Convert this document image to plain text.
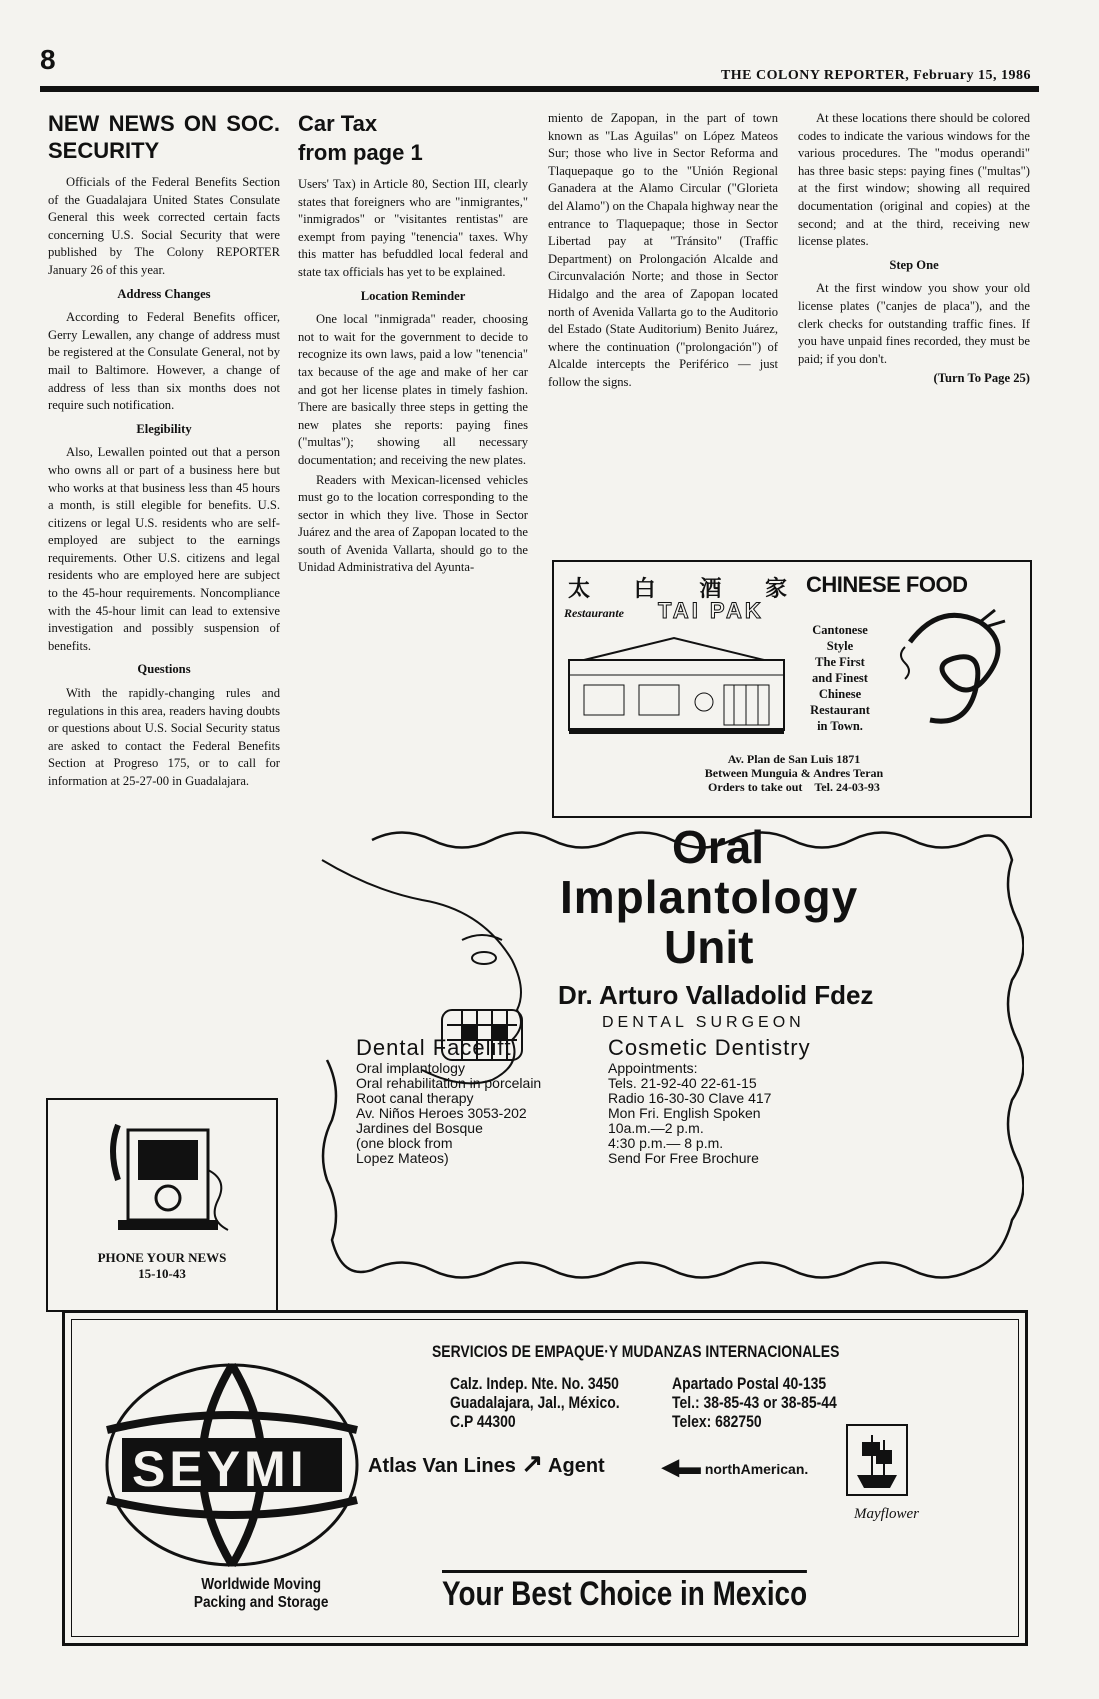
8
THE COLONY REPORTER, February 15, 1986
NEW NEWS ON SOC. SECURITY

Officials of the Federal Benefits Section of the Guadalajara United States Consulate General this week corrected certain facts concerning U.S. Social Security that were published by The Colony REPORTER January 26 of this year.

Address Changes

According to Federal Benefits officer, Gerry Lewallen, any change of address must be registered at the Consulate General, not by mail to Baltimore. However, a change of address of less than six months does not require such notification.

Elegibility

Also, Lewallen pointed out that a person who owns all or part of a business here but who works at that business less than 45 hours a month, is still elegible for benefits. U.S. citizens or legal U.S. residents who are self-employed are subject to the earnings requirements. Other U.S. citizens and legal residents who are employed here are subject to the 45-hour requirements. Noncompliance with the 45-hour limit can lead to extensive investigation and possibly suspension of benefits.

Questions

With the rapidly-changing rules and regulations in this area, readers having doubts or questions about U.S. Social Security status are asked to contact the Federal Benefits Section at Progreso 175, or to call for information at 25-27-00 in Guadalajara.

PHONE YOUR NEWS
15-10-43
Car Tax
from page 1

Users' Tax) in Article 80, Section III, clearly states that foreigners who are "inmigrantes," "inmigrados" or "visitantes rentistas" are exempt from paying "tenencia" taxes. Why this matter has befuddled local federal and state tax officials has yet to be explained.

Location Reminder

One local "inmigrada" reader, choosing not to wait for the government to decide to recognize its own laws, paid a low "tenencia" tax because of the age and make of her car and got her license plates in timely fashion. There are basically three steps in getting the new plates she reports: paying fines ("multas"); showing all necessary documentation; and receiving the new plates.

Readers with Mexican-licensed vehicles must go to the location corresponding to the sector in which they live. Those in Sector Juárez and the area of Zapopan located to the south of Avenida Vallarta, should go to the Unidad Administrativa del Ayunta-

miento de Zapopan, in the part of town known as "Las Aguilas" on López Mateos Sur; those who live in Sector Reforma and Tlaquepaque go to the "Unión Regional Ganadera at the Alamo Circular ("Glorieta del Alamo") on the Chapala highway near the entrance to Tlaquepaque; those in Sector Libertad pay at "Tránsito" (Traffic Department) on Prolongación Alcalde and Circunvalación Norte; and those in Sector Hidalgo and the area of Zapopan located north of Avenida Vallarta go to the Auditorio del Estado (State Auditorium) Benito Juárez, where the continuation ("prolongación") of Alcalde intercepts the Periférico — just follow the signs.

At these locations there should be colored codes to indicate the various windows for the various procedures. The "modus operandi" has three basic steps: paying fines ("multas") at the first window; showing all required documentation (original and copies) at the second; and at the third, receiving new license plates.

Step One

At the first window you show your old license plates ("canjes de placa"), and the clerk checks for outstanding traffic fines. If you have unpaid fines recorded, they must be paid; if you don't.

(Turn To Page 25)
太 白 酒 家
Restaurante TAI PAK
CHINESE FOOD
Cantonese
Style
The First
and Finest
Chinese
Restaurant
in Town.
Av. Plan de San Luis 1871
Between Munguia & Andres Teran
Orders to take out Tel. 24-03-93
Oral
Implantology
Unit
Dr. Arturo Valladolid Fdez
DENTAL SURGEON
Dental Facelift
Oral implantology
Oral rehabilitation in porcelain
Root canal therapy
Av. Niños Heroes 3053-202
Jardines del Bosque
(one block from
Lopez Mateos)
Cosmetic Dentistry
Appointments:
Tels. 21-92-40 22-61-15
Radio 16-30-30 Clave 417
Mon Fri. English Spoken
10a.m.—2 p.m.
4:30 p.m.— 8 p.m.
Send For Free Brochure
SERVICIOS DE EMPAQUE·Y MUDANZAS INTERNACIONALES
Calz. Indep. Nte. No. 3450
Guadalajara, Jal., México.
C.P 44300
Apartado Postal 40-135
Tel.: 38-85-43 or 38-85-44
Telex: 682750
SEYMI	Atlas Van Lines ↗ Agent	◀▬ northAmerican.
Mayflower
Worldwide Moving
Packing and Storage	Your Best Choice in Mexico
